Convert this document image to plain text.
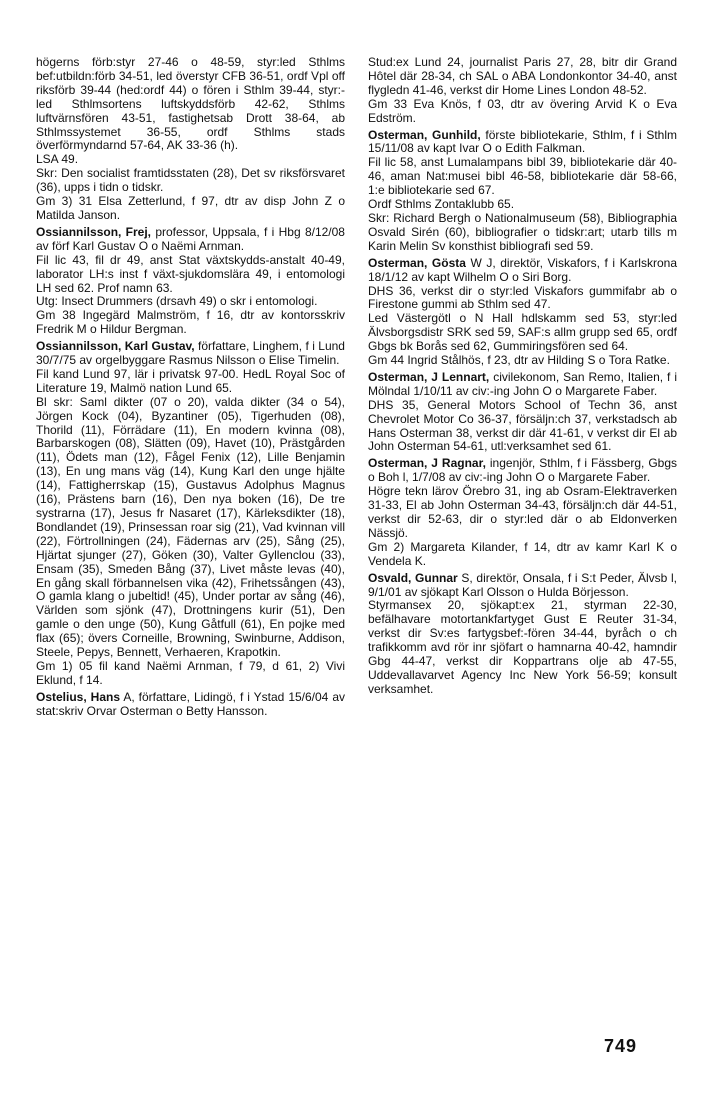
högerns förb:styr 27-46 o 48-59, styr:led Sthlms bef:utbildn:förb 34-51, led överstyr CFB 36-51, ordf Vpl off riksförb 39-44 (hed:ordf 44) o fören i Sthlm 39-44, styr:-led Sthlmsortens luftskyddsförb 42-62, Sthlms luftvärnsfören 43-51, fastighetsab Drott 38-64, ab Sthlmssystemet 36-55, ordf Sthlms stads överförmyndarnd 57-64, AK 33-36 (h).

LSA 49.

Skr: Den socialist framtidsstaten (28), Det sv riksförsvaret (36), upps i tidn o tidskr.

Gm 3) 31 Elsa Zetterlund, f 97, dtr av disp John Z o Matilda Janson.

Ossiannilsson, Frej, professor, Uppsala, f i Hbg 8/12/08 av förf Karl Gustav O o Naëmi Arnman.

Fil lic 43, fil dr 49, anst Stat växtskydds-anstalt 40-49, laborator LH:s inst f växt-sjukdomslära 49, i entomologi LH sed 62. Prof namn 63.

Utg: Insect Drummers (drsavh 49) o skr i entomologi.

Gm 38 Ingegärd Malmström, f 16, dtr av kontorsskriv Fredrik M o Hildur Bergman.

Ossiannilsson, Karl Gustav, författare, Linghem, f i Lund 30/7/75 av orgelbyggare Rasmus Nilsson o Elise Timelin.

Fil kand Lund 97, lär i privatsk 97-00. HedL Royal Soc of Literature 19, Malmö nation Lund 65.

Bl skr: Saml dikter (07 o 20), valda dikter (34 o 54), Jörgen Kock (04), Byzantiner (05), Tigerhuden (08), Thorild (11), Förrädare (11), En modern kvinna (08), Barbarskogen (08), Slätten (09), Havet (10), Prästgården (11), Ödets man (12), Fågel Fenix (12), Lille Benjamin (13), En ung mans väg (14), Kung Karl den unge hjälte (14), Fattigherrskap (15), Gustavus Adolphus Magnus (16), Prästens barn (16), Den nya boken (16), De tre systrarna (17), Jesus fr Nasaret (17), Kärleksdikter (18), Bondlandet (19), Prinsessan roar sig (21), Vad kvinnan vill (22), Förtrollningen (24), Fädernas arv (25), Sång (25), Hjärtat sjunger (27), Göken (30), Valter Gyllenclou (33), Ensam (35), Smeden Bång (37), Livet måste levas (40), En gång skall förbannelsen vika (42), Frihetssången (43), O gamla klang o jubeltid! (45), Under portar av sång (46), Världen som sjönk (47), Drottningens kurir (51), Den gamle o den unge (50), Kung Gåtfull (61), En pojke med flax (65); övers Corneille, Browning, Swinburne, Addison, Steele, Pepys, Bennett, Verhaeren, Krapotkin.

Gm 1) 05 fil kand Naëmi Arnman, f 79, d 61, 2) Vivi Eklund, f 14.

Ostelius, Hans A, författare, Lidingö, f i Ystad 15/6/04 av stat:skriv Orvar Osterman o Betty Hansson.

Stud:ex Lund 24, journalist Paris 27, 28, bitr dir Grand Hôtel där 28-34, ch SAL o ABA Londonkontor 34-40, anst flygledn 41-46, verkst dir Home Lines London 48-52.

Gm 33 Eva Knös, f 03, dtr av övering Arvid K o Eva Edström.

Osterman, Gunhild, förste bibliotekarie, Sthlm, f i Sthlm 15/11/08 av kapt Ivar O o Edith Falkman.

Fil lic 58, anst Lumalampans bibl 39, bibliotekarie där 40-46, aman Nat:musei bibl 46-58, bibliotekarie där 58-66, 1:e bibliotekarie sed 67.

Ordf Sthlms Zontaklubb 65.

Skr: Richard Bergh o Nationalmuseum (58), Bibliographia Osvald Sirén (60), bibliografier o tidskr:art; utarb tills m Karin Melin Sv konsthist bibliografi sed 59.

Osterman, Gösta W J, direktör, Viskafors, f i Karlskrona 18/1/12 av kapt Wilhelm O o Siri Borg.

DHS 36, verkst dir o styr:led Viskafors gummifabr ab o Firestone gummi ab Sthlm sed 47.

Led Västergötl o N Hall hdlskamm sed 53, styr:led Älvsborgsdistr SRK sed 59, SAF:s allm grupp sed 65, ordf Gbgs bk Borås sed 62, Gummiringsfören sed 64.

Gm 44 Ingrid Stålhös, f 23, dtr av Hilding S o Tora Ratke.

Osterman, J Lennart, civilekonom, San Remo, Italien, f i Mölndal 1/10/11 av civ:-ing John O o Margarete Faber.

DHS 35, General Motors School of Techn 36, anst Chevrolet Motor Co 36-37, försäljn:ch 37, verkstadsch ab Hans Osterman 38, verkst dir där 41-61, v verkst dir El ab John Osterman 54-61, utl:verksamhet sed 61.

Osterman, J Ragnar, ingenjör, Sthlm, f i Fässberg, Gbgs o Boh l, 1/7/08 av civ:-ing John O o Margarete Faber.

Högre tekn lärov Örebro 31, ing ab Osram-Elektraverken 31-33, El ab John Osterman 34-43, försäljn:ch där 44-51, verkst dir 52-63, dir o styr:led där o ab Eldonverken Nässjö.

Gm 2) Margareta Kilander, f 14, dtr av kamr Karl K o Vendela K.

Osvald, Gunnar S, direktör, Onsala, f i S:t Peder, Älvsb l, 9/1/01 av sjökapt Karl Olsson o Hulda Börjesson.

Styrmansex 20, sjökapt:ex 21, styrman 22-30, befälhavare motortankfartyget Gust E Reuter 31-34, verkst dir Sv:es fartygsbef:-fören 34-44, byråch o ch trafikkomm avd rör inr sjöfart o hamnarna 40-42, hamndir Gbg 44-47, verkst dir Koppartrans olje ab 47-55, Uddevallavarvet Agency Inc New York 56-59; konsult verksamhet.

749
